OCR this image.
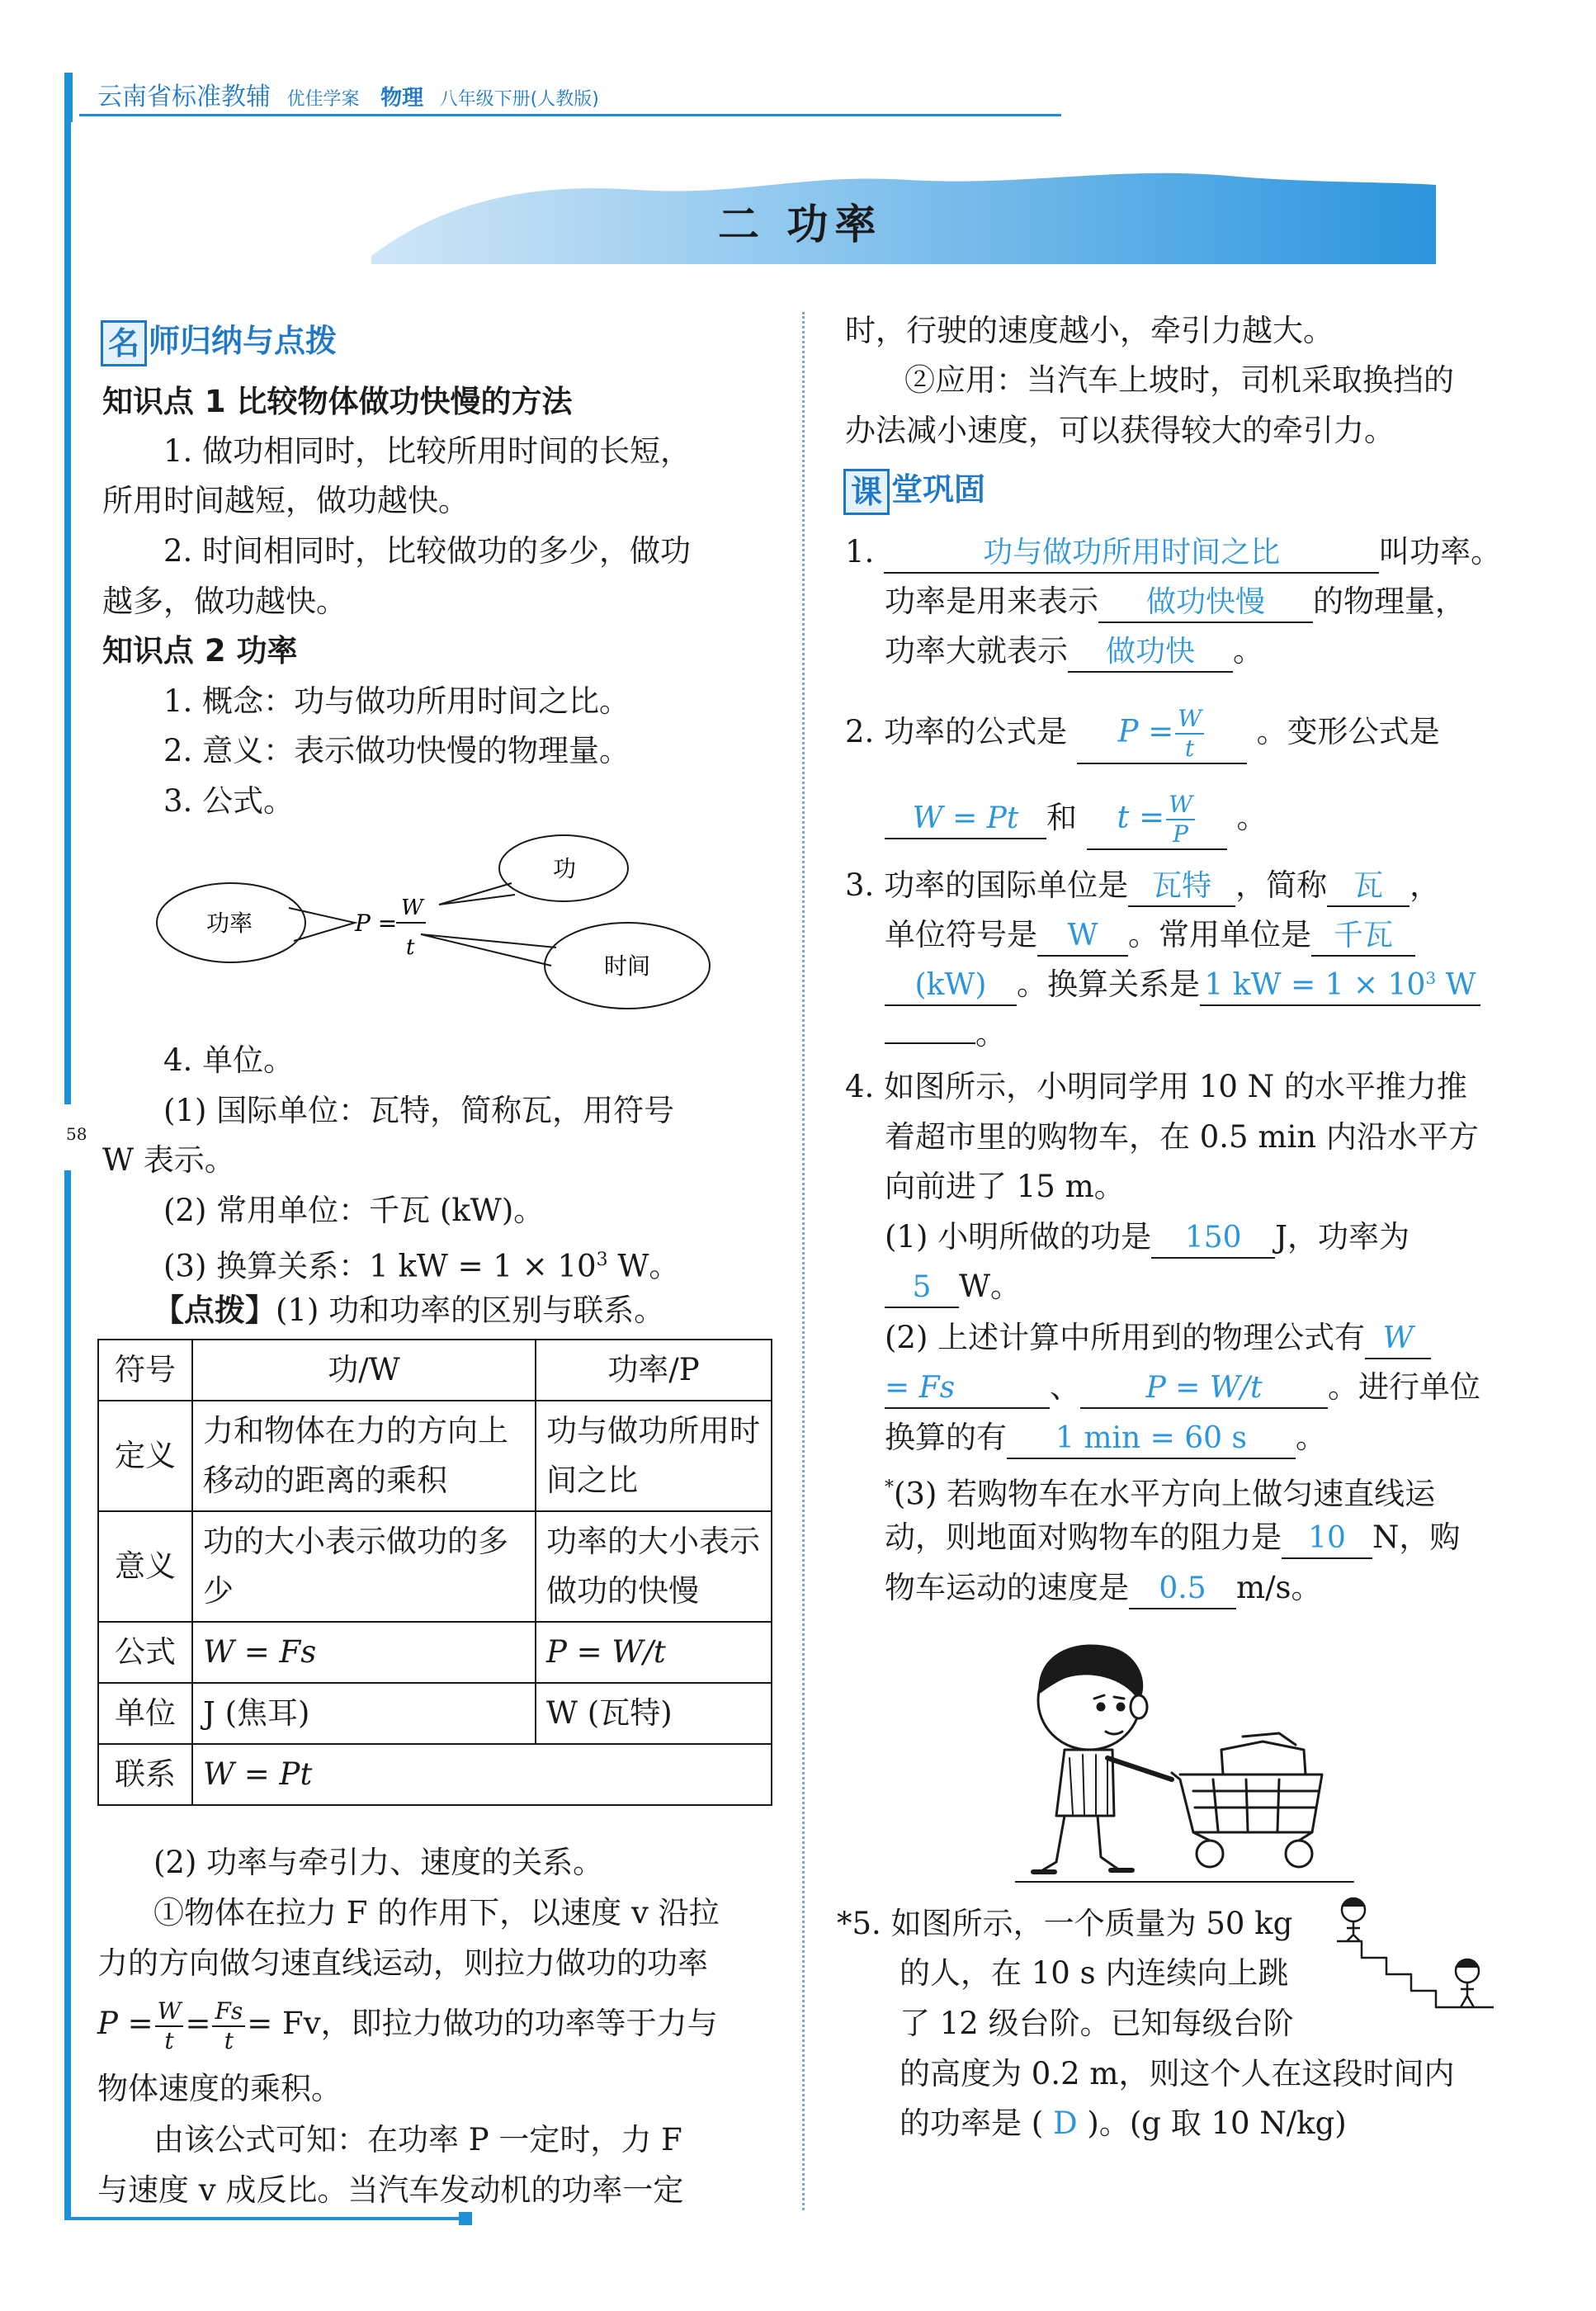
云南省标准教辅 优佳学案 物理 八年级下册(人教版)
58
二 功率
名 师归纳与点拨
知识点 1 比较物体做功快慢的方法
1. 做功相同时，比较所用时间的长短，
所用时间越短，做功越快。
2. 时间相同时，比较做功的多少，做功
越多，做功越快。
知识点 2 功率
1. 概念：功与做功所用时间之比。
2. 意义：表示做功快慢的物理量。
3. 公式。
功率
功
时间
P =
W
t
4. 单位。
(1) 国际单位：瓦特，简称瓦，用符号
W 表示。
(2) 常用单位：千瓦 (kW)。
(3) 换算关系：1 kW = $1 \times 10^3$ W。
【点拨】(1) 功和功率的区别与联系。
符号	功/W	功率/P
定义	力和物体在力的方向上移动的距离的乘积	功与做功所用时间之比
意义	功的大小表示做功的多少	功率的大小表示做功的快慢
公式	W = Fs	P = W/t
单位	J (焦耳)	W (瓦特)
联系	W = Pt	
(2) 功率与牵引力、速度的关系。
①物体在拉力 F 的作用下，以速度 v 沿拉
力的方向做匀速直线运动，则拉力做功的功率
$P = \frac{W}{t} = \frac{Fs}{t} = Fv$，即拉力做功的功率等于力与
物体速度的乘积。
由该公式可知：在功率 P 一定时，力 F
与速度 v 成反比。当汽车发动机的功率一定
时，行驶的速度越小，牵引力越大。
②应用：当汽车上坡时，司机采取换挡的
办法减小速度，可以获得较大的牵引力。
课 堂巩固
1.	功与做功所用时间之比	叫功率。
功率是用来表示 做功快慢 的物理量，
功率大就表示 做功快 。
2. 功率的公式是 $P = \frac{W}{t}$ 。变形公式是
W = Pt 和 $t = \frac{W}{P}$ 。
3. 功率的国际单位是 瓦特 ，简称 瓦 ，
单位符号是 W 。常用单位是 千瓦
(kW) 。换算关系是 1 kW = $1 \times 10^3$ W
。
4. 如图所示，小明同学用 10 N 的水平推力推
着超市里的购物车，在 0.5 min 内沿水平方
向前进了 15 m。
(1) 小明所做的功是 150 J，功率为
5 W。
(2) 上述计算中所用到的物理公式有 W
= Fs	、 P = W/t 。进行单位
换算的有 1 min = 60 s 。
*(3) 若购物车在水平方向上做匀速直线运
动，则地面对购物车的阻力是 10 N，购
物车运动的速度是 0.5 m/s。
*5. 如图所示，一个质量为 50 kg
的人，在 10 s 内连续向上跳
了 12 级台阶。已知每级台阶
的高度为 0.2 m，则这个人在这段时间内
的功率是 ( D )。(g 取 10 N/kg)
